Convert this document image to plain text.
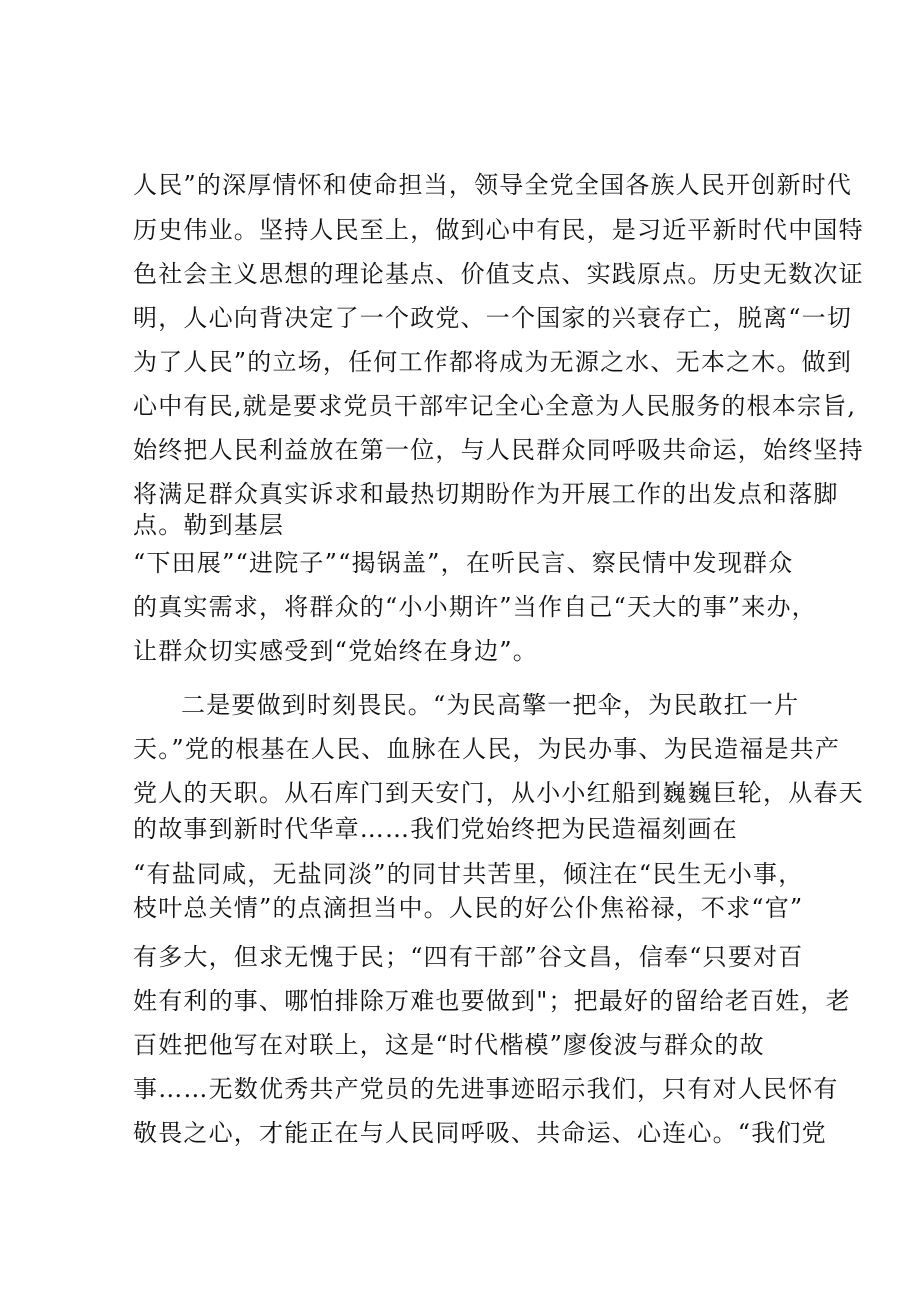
人民”的深厚情怀和使命担当，领导全党全国各族人民开创新时代
历史伟业。坚持人民至上，做到心中有民，是习近平新时代中国特
色社会主义思想的理论基点、价值支点、实践原点。历史无数次证
明，人心向背决定了一个政党、一个国家的兴衰存亡，脱离“一切
为了人民”的立场，任何工作都将成为无源之水、无本之木。做到
心中有民,就是要求党员干部牢记全心全意为人民服务的根本宗旨,
始终把人民利益放在第一位，与人民群众同呼吸共命运，始终坚持
将满足群众真实诉求和最热切期盼作为开展工作的出发点和落脚
点。勒到基层
“下田展”“进院子”“揭锅盖”，在听民言、察民情中发现群众
的真实需求，将群众的“小小期许”当作自己“天大的事”来办，
让群众切实感受到“党始终在身边”。
二是要做到时刻畏民。“为民高擎一把伞，为民敢扛一片
天。”党的根基在人民、血脉在人民，为民办事、为民造福是共产
党人的天职。从石库门到天安门，从小小红船到巍巍巨轮，从春天
的故事到新时代华章……我们党始终把为民造福刻画在
“有盐同咸，无盐同淡”的同甘共苦里，倾注在“民生无小事，
枝叶总关情”的点滴担当中。人民的好公仆焦裕禄，不求“官”
有多大，但求无愧于民；“四有干部”谷文昌，信奉“只要对百
姓有利的事、哪怕排除万难也要做到"；把最好的留给老百姓，老
百姓把他写在对联上，这是“时代楷模”廖俊波与群众的故
事……无数优秀共产党员的先进事迹昭示我们，只有对人民怀有
敬畏之心，才能正在与人民同呼吸、共命运、心连心。“我们党
